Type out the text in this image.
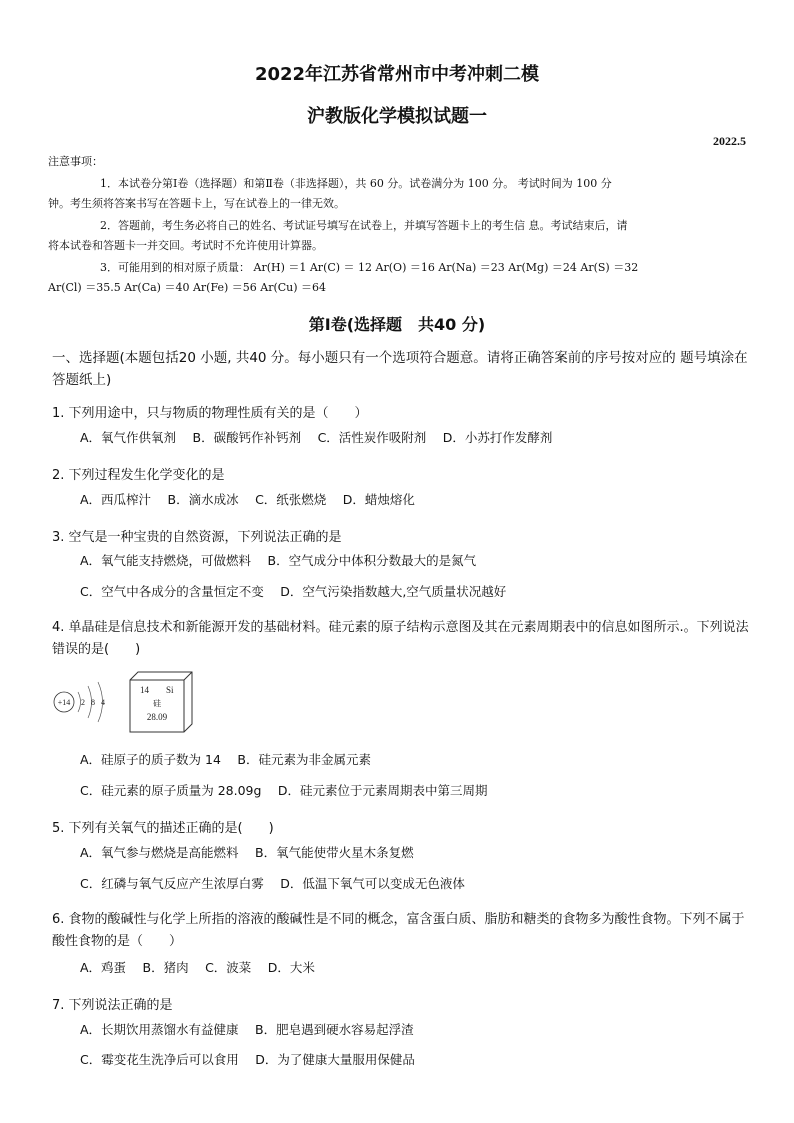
2022年江苏省常州市中考冲刺二模
沪教版化学模拟试题一
2022.5
注意事项：
1．本试卷分第Ⅰ卷（选择题）和第Ⅱ卷（非选择题），共 60 分。试卷满分为 100 分。 考试时间为 100 分
钟。考生须将答案书写在答题卡上，写在试卷上的一律无效。
2．答题前，考生务必将自己的姓名、考试证号填写在试卷上，并填写答题卡上的考生信 息。考试结束后，请
将本试卷和答题卡一并交回。考试时不允许使用计算器。
3．可能用到的相对原子质量： Ar(H) ＝1 Ar(C) ＝ 12 Ar(O) ＝16 Ar(Na) ＝23 Ar(Mg) ＝24 Ar(S) ＝32
Ar(Cl) ＝35.5 Ar(Ca) ＝40 Ar(Fe) ＝56 Ar(Cu) ＝64
第Ⅰ卷(选择题　共40 分)
一、选择题(本题包括20 小题, 共40 分。每小题只有一个选项符合题意。请将正确答案前的序号按对应的 题号填涂在答题纸上)
1. 下列用途中，只与物质的物理性质有关的是（　　）
A．氧气作供氧剂　 B．碳酸钙作补钙剂　 C．活性炭作吸附剂　 D．小苏打作发酵剂
2. 下列过程发生化学变化的是
A．西瓜榨汁　 B．滴水成冰　 C．纸张燃烧　 D．蜡烛熔化
3. 空气是一种宝贵的自然资源，下列说法正确的是
A．氧气能支持燃烧，可做燃料　 B．空气成分中体积分数最大的是氮气
C．空气中各成分的含量恒定不变　 D．空气污染指数越大,空气质量状况越好
4. 单晶硅是信息技术和新能源开发的基础材料。硅元素的原子结构示意图及其在元素周期表中的信息如图所示.。下列说法错误的是(　　)
+14 2 8 4
14 Si
硅
28.09
A．硅原子的质子数为 14　 B．硅元素为非金属元素
C．硅元素的原子质量为 28.09g　 D．硅元素位于元素周期表中第三周期
5. 下列有关氧气的描述正确的是(　　)
A．氧气参与燃烧是高能燃料　 B．氧气能使带火星木条复燃
C．红磷与氧气反应产生浓厚白雾　 D．低温下氧气可以变成无色液体
6. 食物的酸碱性与化学上所指的溶液的酸碱性是不同的概念，富含蛋白质、脂肪和糖类的食物多为酸性食物。下列不属于酸性食物的是（　　）
A．鸡蛋　 B．猪肉　 C．波菜　 D．大米
7. 下列说法正确的是
A．长期饮用蒸馏水有益健康　 B．肥皂遇到硬水容易起浮渣
C．霉变花生洗净后可以食用　 D．为了健康大量服用保健品
